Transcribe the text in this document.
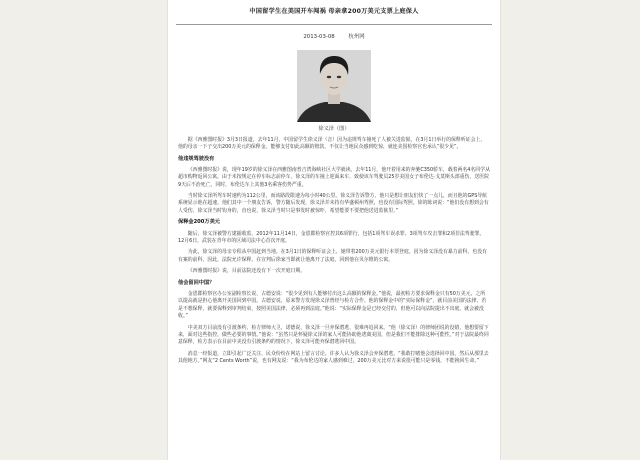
中国留学生在美国开车闯祸 母亲拿200万美元支票上庭保人
2013-03-08	杭州网
徐义泽（图）

据《西雅图时报》3月3日报道，去年11月，中国留学生徐义泽（音）因为违规驾车撞死了人被关进监狱。在3月1日举行的保释听证会上，他的母亲一下子交出200万美元的保释金。能够支付如此高额的赔款，不仅让当地民众感到吃惊，就连美国检察官也承认“很少见”。

他违规驾驶没有

《西雅图时报》说，现年19岁的徐义泽在西雅图南普吉湾海峡社区大学就读。去年11月，他开着用来的奔驰C350轿车，载着两名4名同学从超市购物返回公寓。由于未按规定在停车标志前停车，徐义泽的车撞上迎面来车，致使该车驾驶员25岁美国女子布伦达·戈莫斯头部重伤，送医院9天后不治死亡。同时，布伦达车上其他3名乘客伤势严重。

当时徐义泽所驾车时速约为112公里，而该路段限速为每小时40公里。徐义泽告诉警方，他只是想让朋友们快了一点儿，而且他的GPS导航系统显示他在超速。他们其中一个朋友告诉，警方随后发现，徐义泽并未持有华盛顿州驾照，也没有国际驾照。徐的陈词说：“他们没有想到会有人受伤，徐义泽当时钩身的，直也说，徐义泽当时只是事发时被惊吓，希望能要不要把他送进监狱里。”

保释金200万美元

随后，徐义泽被警方逮捕收监，2012年11月14日，金恩郡检察官控其6项罪行，包括1项驾车误杀罪、3项驾车攻击罪和2项非法驾驶罪。12月6日，武装在青年市的区域司法中心首次开庭。

为此，徐义泽的母亲专程从中国赶到当地。在3月1日的保释听证会上，她带着200万美元银行本票登庭。因为徐义泽没有暴力前科，也没有有案的前科，因此，法院允许保释。在宣判后徐家当即就让他离开了法庭，回到他在贝尔维的公寓。

《西雅图时报》说，目前法院还没有下一次开庭日期。

他会留回中国？

金恩郡检察官办公室副检察长说，古德安说：“很少见到有人能够付出这么高额的保释金。”他说，最初检方要求保释金只有50万美元，之所以提高就是担心他离开美国回到中国。古德安说，原来警方发现徐义泽曾经与检方合作。他的保释金中的“实际保释金”，就目前美国的法律，若是不想保释，就要保释到审判结束，按照美国法律，必须再到法庭。”他说：“实际保释金是已经交付的，但他可以向法院提出不出庭，就会被没收。”

中美双方目前没有引渡条约，检方律师大卫，诺德说，徐义泽一旦弃保潜逃，很难再追回来。“他（徐义泽）的律师团说的没错，他想要留下来，面对这些指控，做些必要的事情。”他说：“虽然只是怀疑徐义泽的家人可能协助他逃离美国，但是我们不能排除这种可能性。”对于法院最终同意保释，检方表示在目前中美没有引渡条约的情况下，徐义泽可能弃保潜逃回中国。

消息一经报道，立即引起广泛关注，民众纷纷在网站上留言讨论。许多人认为徐义泽会弃保潜逃。“我敢打赌他会选择回中国，然后从那里去其他地方。”网友“2 Cents Worth”说，也有网友说：“我为布伦达的家人感到难过，200万美元比对方来说很可能只是零钱，不能挽回生命。”
